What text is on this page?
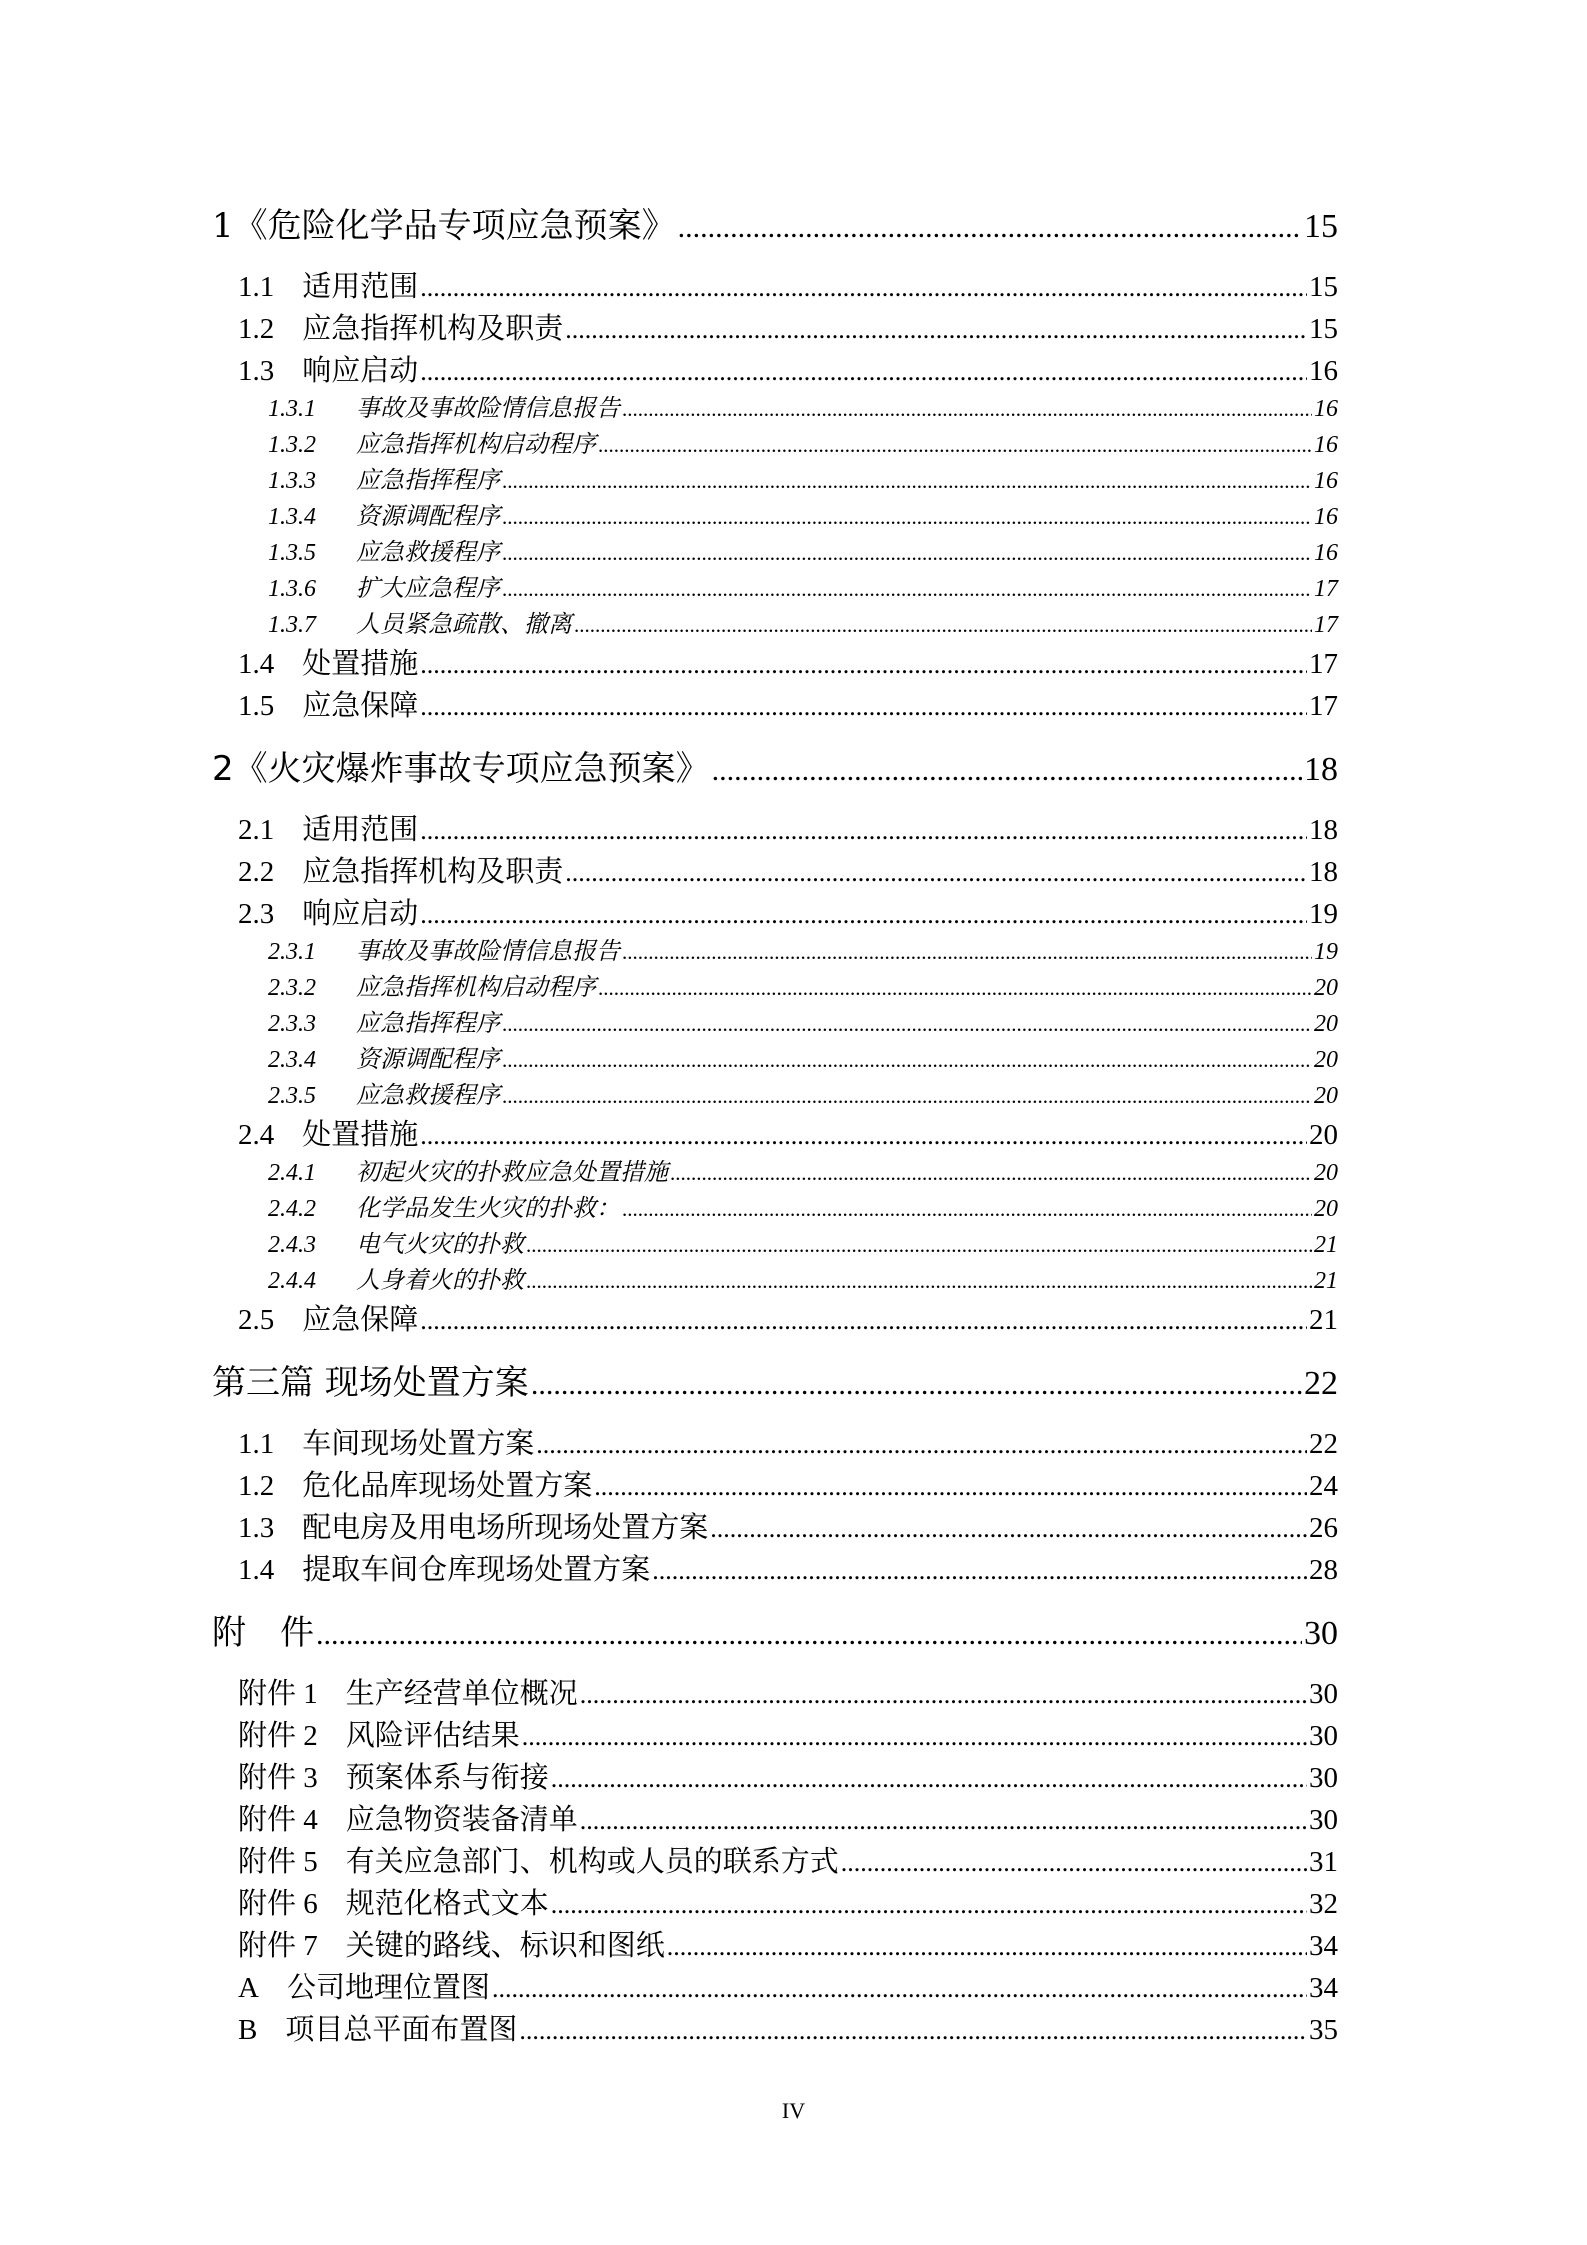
1 《危险化学品专项应急预案》 .....	15
1.1 适用范围 .....	15
1.2 应急指挥机构及职责 .....	15
1.3 响应启动 .....	16
1.3.1	事故及事故险情信息报告 .....	16
1.3.2	应急指挥机构启动程序 .....	16
1.3.3	应急指挥程序 .....	16
1.3.4	资源调配程序 .....	16
1.3.5	应急救援程序 .....	16
1.3.6	扩大应急程序 .....	17
1.3.7	人员紧急疏散、撤离 .....	17
1.4 处置措施 .....	17
1.5 应急保障 .....	17
2 《火灾爆炸事故专项应急预案》 .....	18
2.1 适用范围 .....	18
2.2 应急指挥机构及职责 .....	18
2.3 响应启动 .....	19
2.3.1	事故及事故险情信息报告 .....	19
2.3.2	应急指挥机构启动程序 .....	20
2.3.3	应急指挥程序 .....	20
2.3.4	资源调配程序 .....	20
2.3.5	应急救援程序 .....	20
2.4 处置措施 .....	20
2.4.1	初起火灾的扑救应急处置措施 .....	20
2.4.2	化学品发生火灾的扑救： .....	20
2.4.3	电气火灾的扑救 .....	21
2.4.4	人身着火的扑救 .....	21
2.5 应急保障 .....	21
第三篇 现场处置方案 .....	22
1.1 车间现场处置方案 .....	22
1.2 危化品库现场处置方案 .....	24
1.3 配电房及用电场所现场处置方案 .....	26
1.4 提取车间仓库现场处置方案 .....	28
附　件 .....	30
附件 1 生产经营单位概况 .....	30
附件 2 风险评估结果 .....	30
附件 3 预案体系与衔接 .....	30
附件 4 应急物资装备清单 .....	30
附件 5 有关应急部门、机构或人员的联系方式 .....	31
附件 6 规范化格式文本 .....	32
附件 7 关键的路线、标识和图纸 .....	34
A 公司地理位置图 .....	34
B 项目总平面布置图 .....	35
IV
